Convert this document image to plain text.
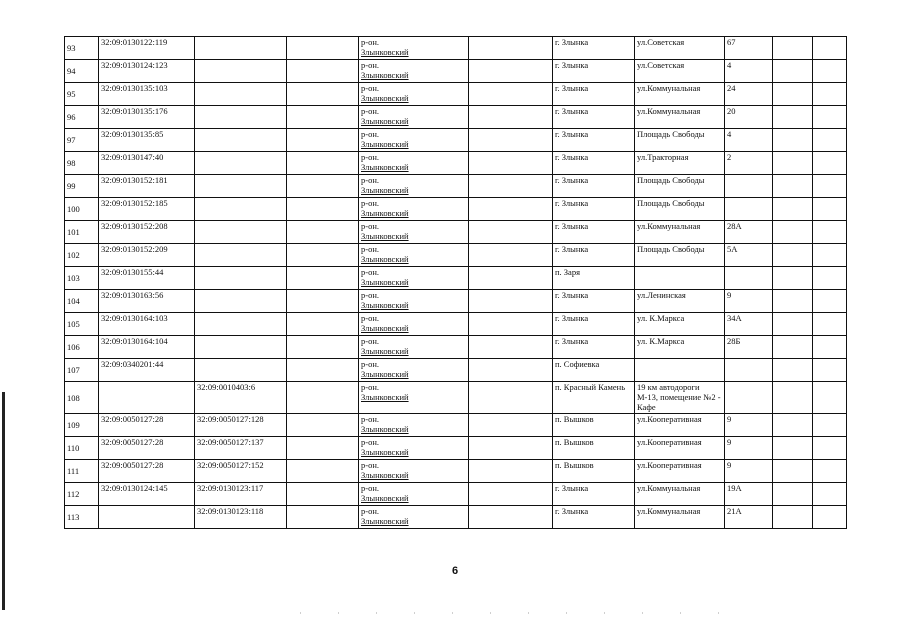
93	32:09:0130122:119			р-он.
Злынковский		г. Злынка	ул.Советская	67		
94	32:09:0130124:123			р-он.
Злынковский		г. Злынка	ул.Советская	4		
95	32:09:0130135:103			р-он.
Злынковский		г. Злынка	ул.Коммунальная	24		
96	32:09:0130135:176			р-он.
Злынковский		г. Злынка	ул.Коммунальная	20		
97	32:09:0130135:85			р-он.
Злынковский		г. Злынка	Площадь Свободы	4		
98	32:09:0130147:40			р-он.
Злынковский		г. Злынка	ул.Тракторная	2		
99	32:09:0130152:181			р-он.
Злынковский		г. Злынка	Площадь Свободы			
100	32:09:0130152:185			р-он.
Злынковский		г. Злынка	Площадь Свободы			
101	32:09:0130152:208			р-он.
Злынковский		г. Злынка	ул.Коммунальная	28А		
102	32:09:0130152:209			р-он.
Злынковский		г. Злынка	Площадь Свободы	5А		
103	32:09:0130155:44			р-он.
Злынковский		п. Заря				
104	32:09:0130163:56			р-он.
Злынковский		г. Злынка	ул.Ленинская	9		
105	32:09:0130164:103			р-он.
Злынковский		г. Злынка	ул. К.Маркса	34А		
106	32:09:0130164:104			р-он.
Злынковский		г. Злынка	ул. К.Маркса	28Б		
107	32:09:0340201:44			р-он.
Злынковский		п. Софиевка				
108		32:09:0010403:6		р-он.
Злынковский		п. Красный Камень	19 км автодороги М-13, помещение №2 - Кафе			
109	32:09:0050127:28	32:09:0050127:128		р-он.
Злынковский		п. Вышков	ул.Кооперативная	9		
110	32:09:0050127:28	32:09:0050127:137		р-он.
Злынковский		п. Вышков	ул.Кооперативная	9		
111	32:09:0050127:28	32:09:0050127:152		р-он.
Злынковский		п. Вышков	ул.Кооперативная	9		
112	32:09:0130124:145	32:09:0130123:117		р-он.
Злынковский		г. Злынка	ул.Коммунальная	19А		
113		32:09:0130123:118		р-он.
Злынковский		г. Злынка	ул.Коммунальная	21А		
6
